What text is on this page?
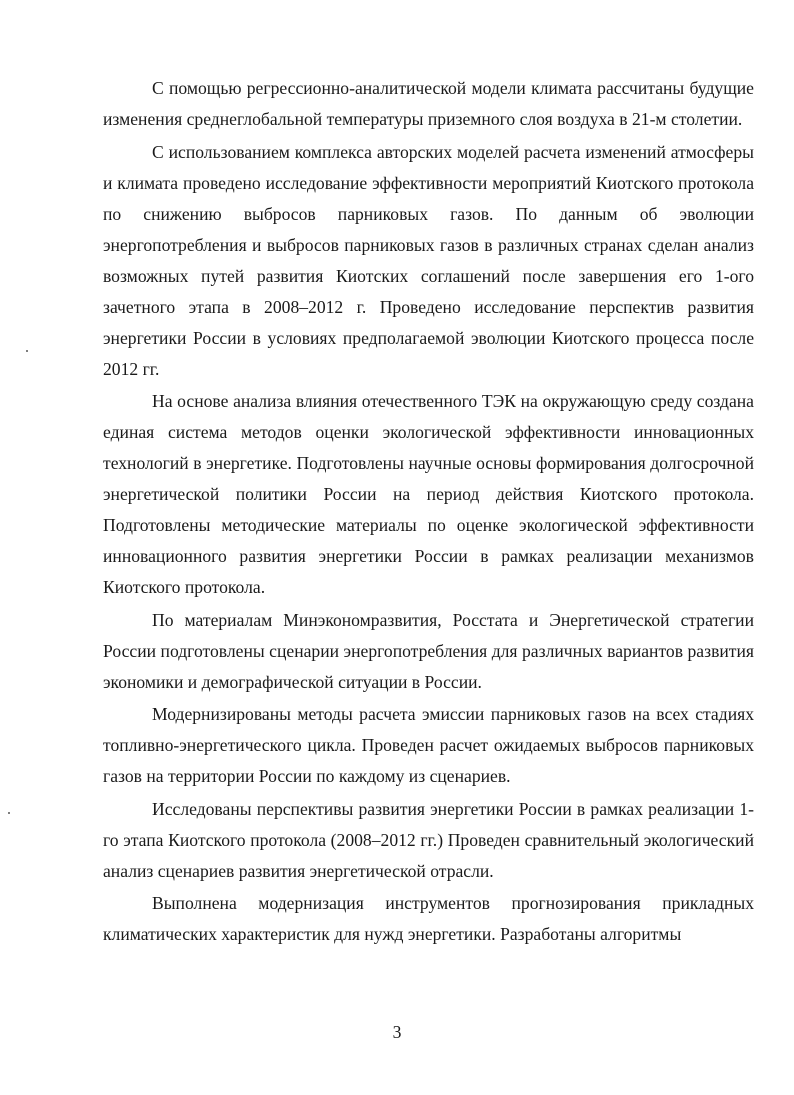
С помощью регрессионно-аналитической модели климата рассчитаны будущие изменения среднеглобальной температуры приземного слоя воздуха в 21-м столетии.

С использованием комплекса авторских моделей расчета изменений атмосферы и климата проведено исследование эффективности мероприятий Киотского протокола по снижению выбросов парниковых газов. По данным об эволюции энергопотребления и выбросов парниковых газов в различных странах сделан анализ возможных путей развития Киотских соглашений после завершения его 1-ого зачетного этапа в 2008–2012 г. Проведено исследование перспектив развития энергетики России в условиях предполагаемой эволюции Киотского процесса после 2012 гг.

На основе анализа влияния отечественного ТЭК на окружающую среду создана единая система методов оценки экологической эффективности инновационных технологий в энергетике. Подготовлены научные основы формирования долгосрочной энергетической политики России на период действия Киотского протокола. Подготовлены методические материалы по оценке экологической эффективности инновационного развития энергетики России в рамках реализации механизмов Киотского протокола.

По материалам Минэкономразвития, Росстата и Энергетической стратегии России подготовлены сценарии энергопотребления для различных вариантов развития экономики и демографической ситуации в России.

Модернизированы методы расчета эмиссии парниковых газов на всех стадиях топливно-энергетического цикла. Проведен расчет ожидаемых выбросов парниковых газов на территории России по каждому из сценариев.

Исследованы перспективы развития энергетики России в рамках реализации 1-го этапа Киотского протокола (2008–2012 гг.) Проведен сравнительный экологический анализ сценариев развития энергетической отрасли.

Выполнена модернизация инструментов прогнозирования прикладных климатических характеристик для нужд энергетики. Разработаны алгоритмы

3
